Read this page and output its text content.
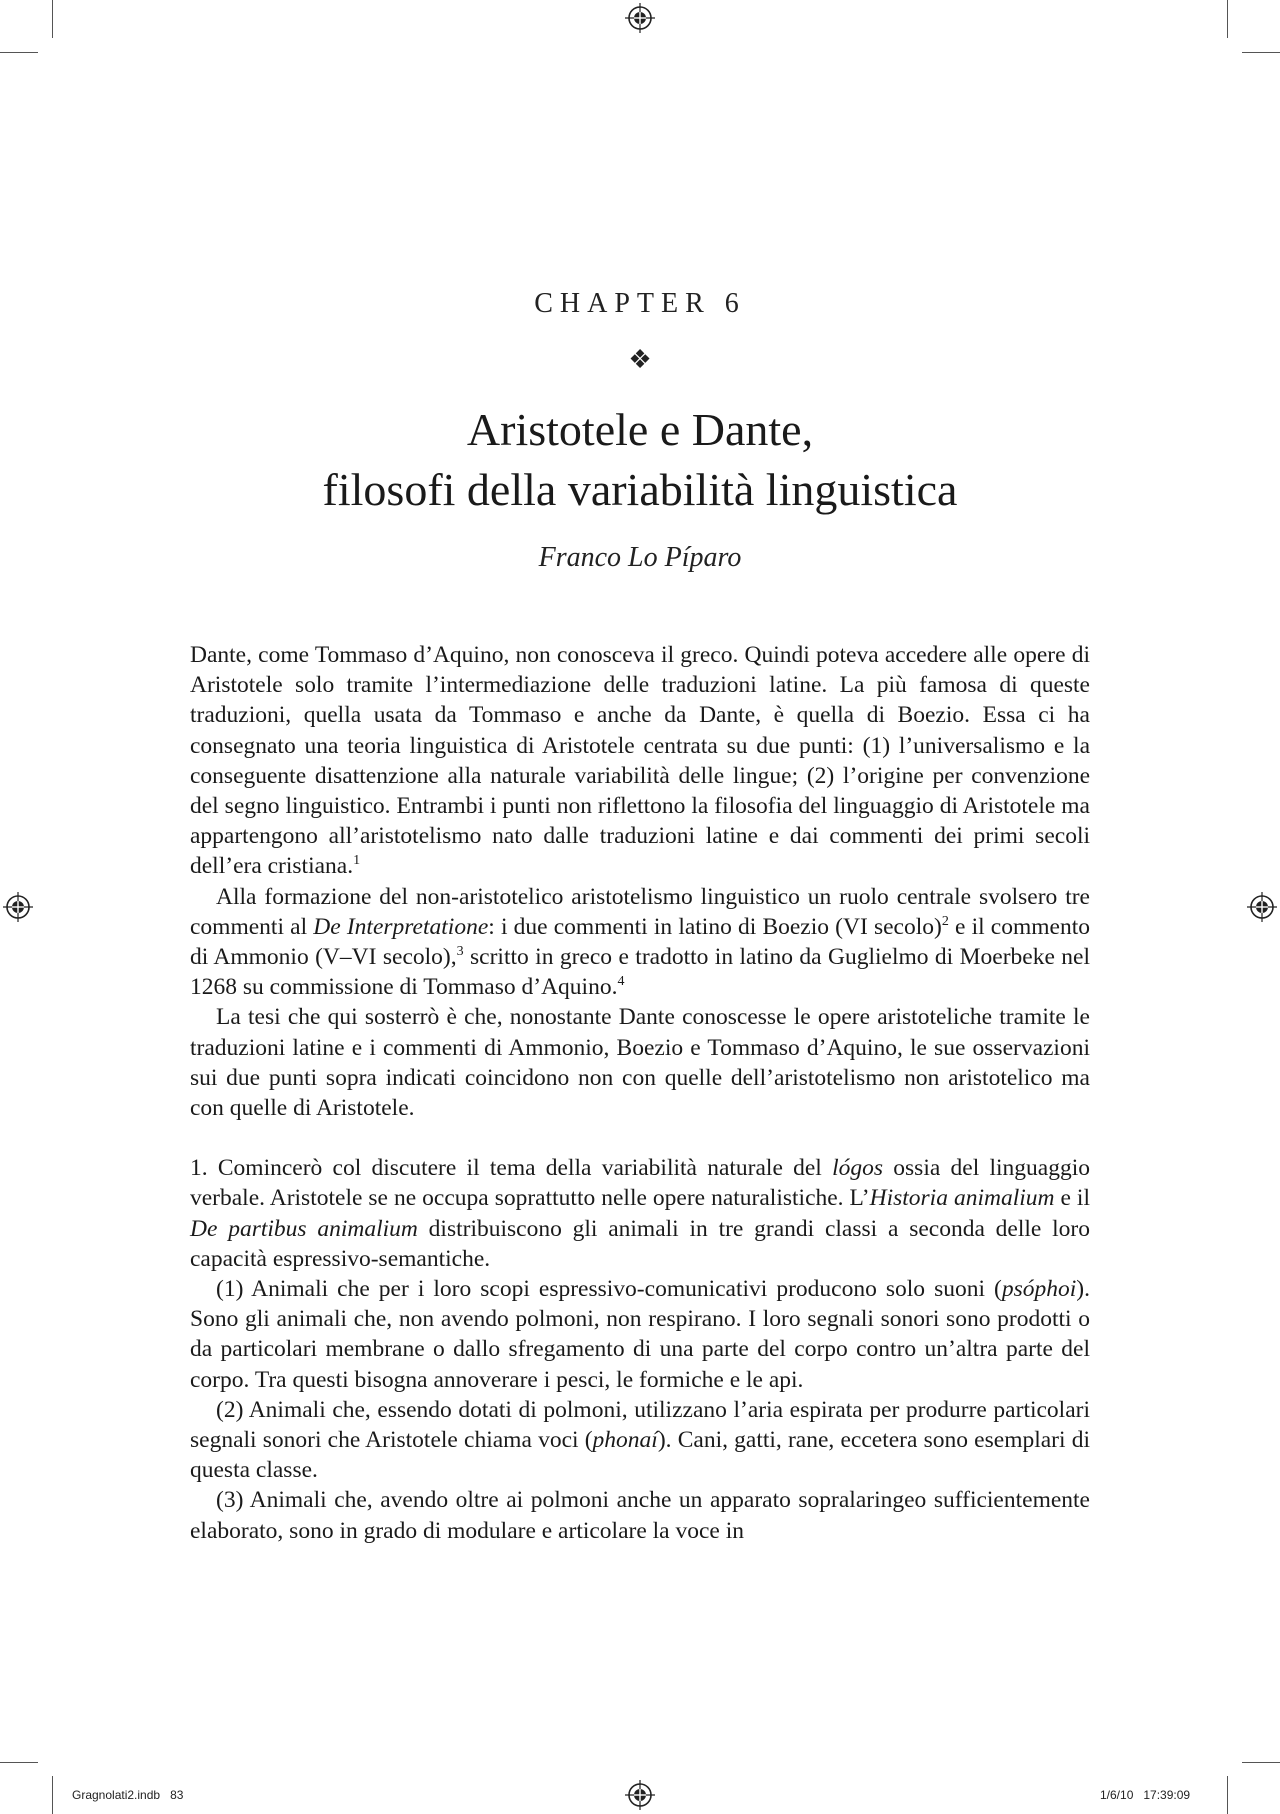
CHAPTER 6
❖
Aristotele e Dante,
filosofi della variabilità linguistica
Franco Lo Píparo

Dante, come Tommaso d’Aquino, non conosceva il greco. Quindi poteva accedere alle opere di Aristotele solo tramite l’intermediazione delle traduzioni latine. La più famosa di queste traduzioni, quella usata da Tommaso e anche da Dante, è quella di Boezio. Essa ci ha consegnato una teoria linguistica di Aristotele centrata su due punti: (1) l’universalismo e la conseguente disattenzione alla naturale variabilità delle lingue; (2) l’origine per convenzione del segno linguistico. Entrambi i punti non riflettono la filosofia del linguaggio di Aristotele ma appartengono all’aristotelismo nato dalle traduzioni latine e dai commenti dei primi secoli dell’era cristiana.$^1$

Alla formazione del non-aristotelico aristotelismo linguistico un ruolo centrale svolsero tre commenti al De Interpretatione: i due commenti in latino di Boezio (VI secolo)$^2$ e il commento di Ammonio (V–VI secolo),$^3$ scritto in greco e tradotto in latino da Guglielmo di Moerbeke nel 1268 su commissione di Tommaso d’Aquino.$^4$

La tesi che qui sosterrò è che, nonostante Dante conoscesse le opere aristoteliche tramite le traduzioni latine e i commenti di Ammonio, Boezio e Tommaso d’Aquino, le sue osservazioni sui due punti sopra indicati coincidono non con quelle dell’aristotelismo non aristotelico ma con quelle di Aristotele.

1. Comincerò col discutere il tema della variabilità naturale del lógos ossia del linguaggio verbale. Aristotele se ne occupa soprattutto nelle opere naturalistiche. L’Historia animalium e il De partibus animalium distribuiscono gli animali in tre grandi classi a seconda delle loro capacità espressivo-semantiche.

(1) Animali che per i loro scopi espressivo-comunicativi producono solo suoni (psóphoi). Sono gli animali che, non avendo polmoni, non respirano. I loro segnali sonori sono prodotti o da particolari membrane o dallo sfregamento di una parte del corpo contro un’altra parte del corpo. Tra questi bisogna annoverare i pesci, le formiche e le api.

(2) Animali che, essendo dotati di polmoni, utilizzano l’aria espirata per produrre particolari segnali sonori che Aristotele chiama voci (phonaí). Cani, gatti, rane, eccetera sono esemplari di questa classe.

(3) Animali che, avendo oltre ai polmoni anche un apparato sopralaringeo sufficientemente elaborato, sono in grado di modulare e articolare la voce in

Gragnolati2.indb   83	1/6/10   17:39:09
